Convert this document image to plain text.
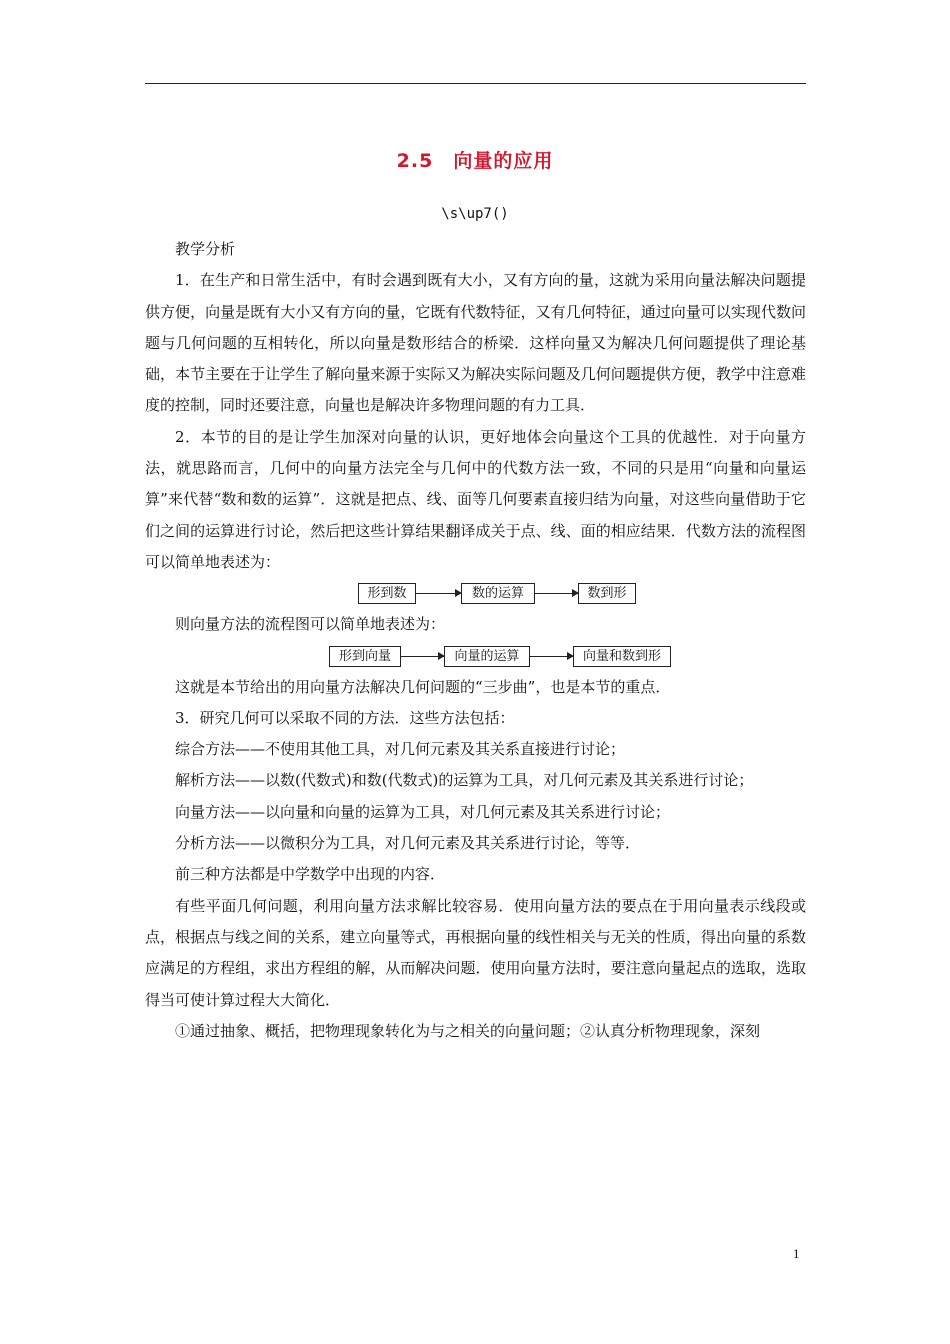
2.5　向量的应用
\s\up7()

教学分析

1．在生产和日常生活中，有时会遇到既有大小，又有方向的量，这就为采用向量法解决问题提供方便，向量是既有大小又有方向的量，它既有代数特征，又有几何特征，通过向量可以实现代数问题与几何问题的互相转化，所以向量是数形结合的桥梁．这样向量又为解决几何问题提供了理论基础，本节主要在于让学生了解向量来源于实际又为解决实际问题及几何问题提供方便，教学中注意难度的控制，同时还要注意，向量也是解决许多物理问题的有力工具．

2．本节的目的是让学生加深对向量的认识，更好地体会向量这个工具的优越性．对于向量方法，就思路而言，几何中的向量方法完全与几何中的代数方法一致，不同的只是用“向量和向量运算”来代替“数和数的运算”．这就是把点、线、面等几何要素直接归结为向量，对这些向量借助于它们之间的运算进行讨论，然后把这些计算结果翻译成关于点、线、面的相应结果．代数方法的流程图可以简单地表述为：

形到数	数的运算	数到形

则向量方法的流程图可以简单地表述为：

形到向量	向量的运算	向量和数到形

这就是本节给出的用向量方法解决几何问题的“三步曲”，也是本节的重点．

3．研究几何可以采取不同的方法．这些方法包括：

综合方法——不使用其他工具，对几何元素及其关系直接进行讨论；

解析方法——以数(代数式)和数(代数式)的运算为工具，对几何元素及其关系进行讨论；

向量方法——以向量和向量的运算为工具，对几何元素及其关系进行讨论；

分析方法——以微积分为工具，对几何元素及其关系进行讨论，等等．

前三种方法都是中学数学中出现的内容．

有些平面几何问题，利用向量方法求解比较容易．使用向量方法的要点在于用向量表示线段或点，根据点与线之间的关系，建立向量等式，再根据向量的线性相关与无关的性质，得出向量的系数应满足的方程组，求出方程组的解，从而解决问题．使用向量方法时，要注意向量起点的选取，选取得当可使计算过程大大简化．

①通过抽象、概括，把物理现象转化为与之相关的向量问题；②认真分析物理现象，深刻

1
